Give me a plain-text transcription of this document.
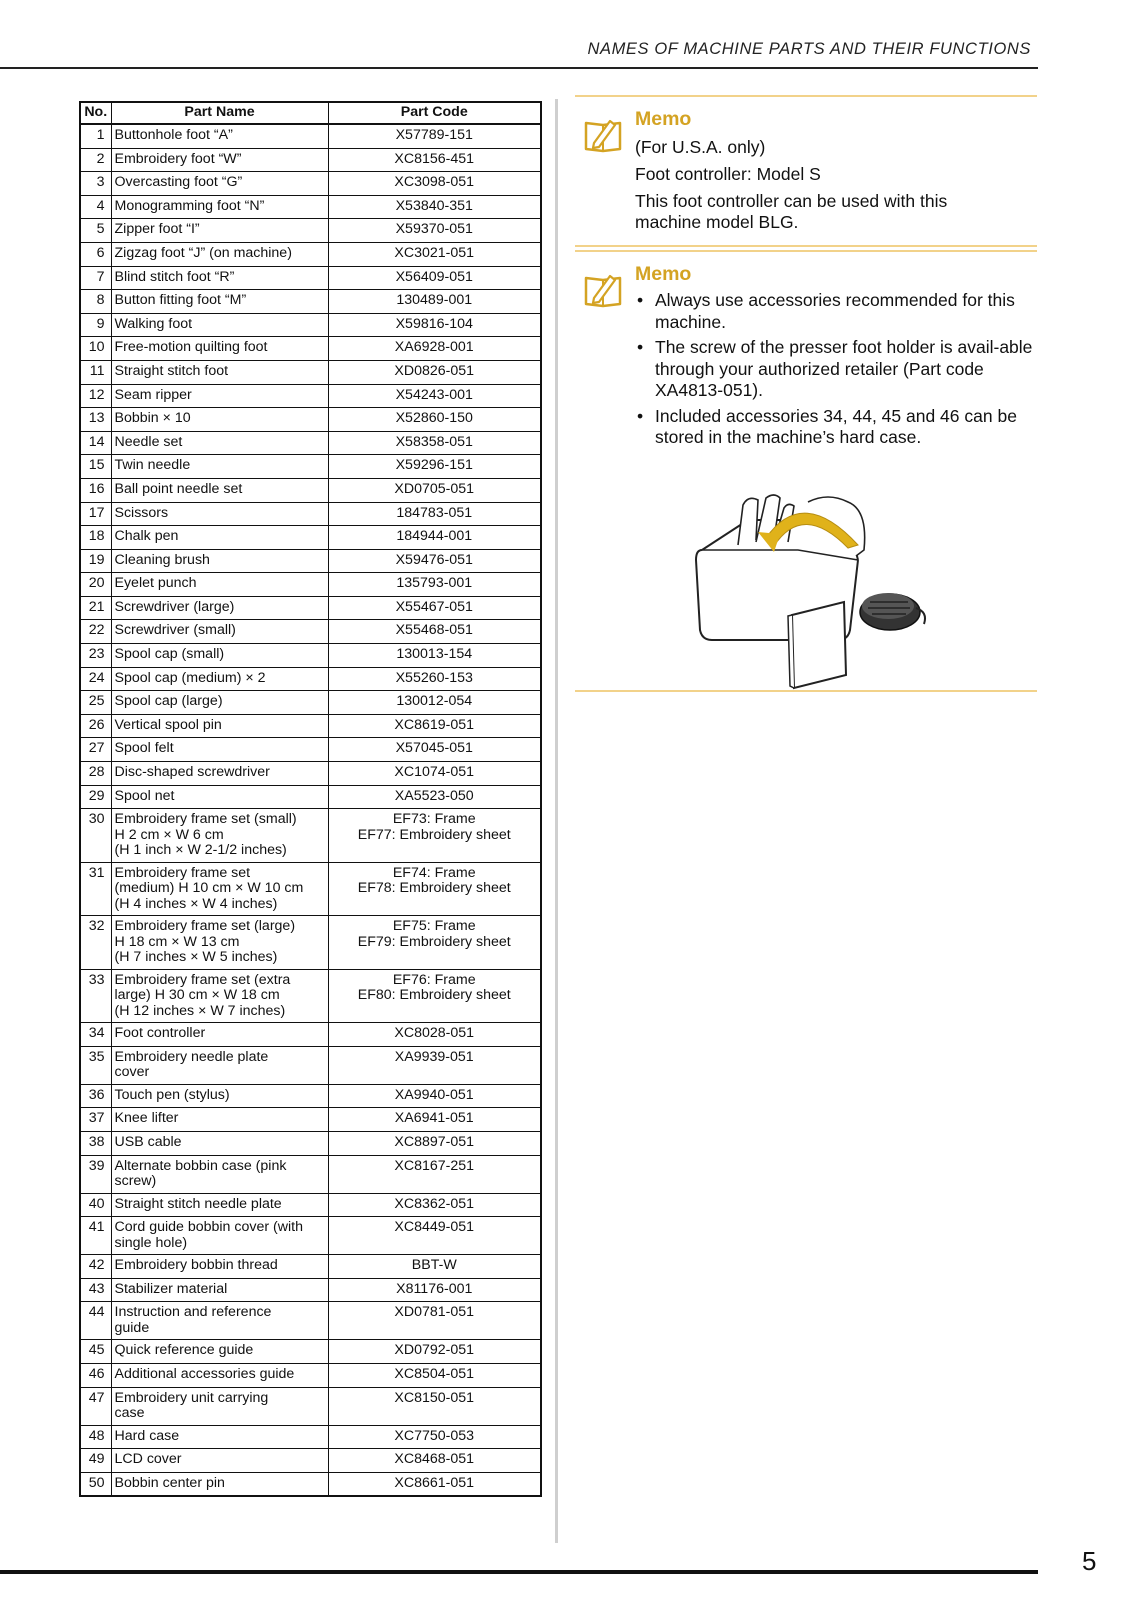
NAMES OF MACHINE PARTS AND THEIR FUNCTIONS
No.	Part Name	Part Code
1	Buttonhole foot “A”	X57789-151
2	Embroidery foot “W”	XC8156-451
3	Overcasting foot “G”	XC3098-051
4	Monogramming foot “N”	X53840-351
5	Zipper foot “I”	X59370-051
6	Zigzag foot “J” (on machine)	XC3021-051
7	Blind stitch foot “R”	X56409-051
8	Button fitting foot “M”	130489-001
9	Walking foot	X59816-104
10	Free-motion quilting foot	XA6928-001
11	Straight stitch foot	XD0826-051
12	Seam ripper	X54243-001
13	Bobbin × 10	X52860-150
14	Needle set	X58358-051
15	Twin needle	X59296-151
16	Ball point needle set	XD0705-051
17	Scissors	184783-051
18	Chalk pen	184944-001
19	Cleaning brush	X59476-051
20	Eyelet punch	135793-001
21	Screwdriver (large)	X55467-051
22	Screwdriver (small)	X55468-051
23	Spool cap (small)	130013-154
24	Spool cap (medium) × 2	X55260-153
25	Spool cap (large)	130012-054
26	Vertical spool pin	XC8619-051
27	Spool felt	X57045-051
28	Disc-shaped screwdriver	XC1074-051
29	Spool net	XA5523-050
30	Embroidery frame set (small)
H 2 cm × W 6 cm
(H 1 inch × W 2-1/2 inches)	EF73: Frame
EF77: Embroidery sheet
31	Embroidery frame set
(medium) H 10 cm × W 10 cm
(H 4 inches × W 4 inches)	EF74: Frame
EF78: Embroidery sheet
32	Embroidery frame set (large)
H 18 cm × W 13 cm
(H 7 inches × W 5 inches)	EF75: Frame
EF79: Embroidery sheet
33	Embroidery frame set (extra
large) H 30 cm × W 18 cm
(H 12 inches × W 7 inches)	EF76: Frame
EF80: Embroidery sheet
34	Foot controller	XC8028-051
35	Embroidery needle plate
cover	XA9939-051
36	Touch pen (stylus)	XA9940-051
37	Knee lifter	XA6941-051
38	USB cable	XC8897-051
39	Alternate bobbin case (pink
screw)	XC8167-251
40	Straight stitch needle plate	XC8362-051
41	Cord guide bobbin cover (with
single hole)	XC8449-051
42	Embroidery bobbin thread	BBT-W
43	Stabilizer material	X81176-001
44	Instruction and reference
guide	XD0781-051
45	Quick reference guide	XD0792-051
46	Additional accessories guide	XC8504-051
47	Embroidery unit carrying
case	XC8150-051
48	Hard case	XC7750-053
49	LCD cover	XC8468-051
50	Bobbin center pin	XC8661-051
Memo
(For U.S.A. only)
Foot controller: Model S
This foot controller can be used with this machine model BLG.
Memo
• Always use accessories recommended for this machine.
• The screw of the presser foot holder is avail-able through your authorized retailer (Part code XA4813-051).
• Included accessories 34, 44, 45 and 46 can be stored in the machine’s hard case.
5
